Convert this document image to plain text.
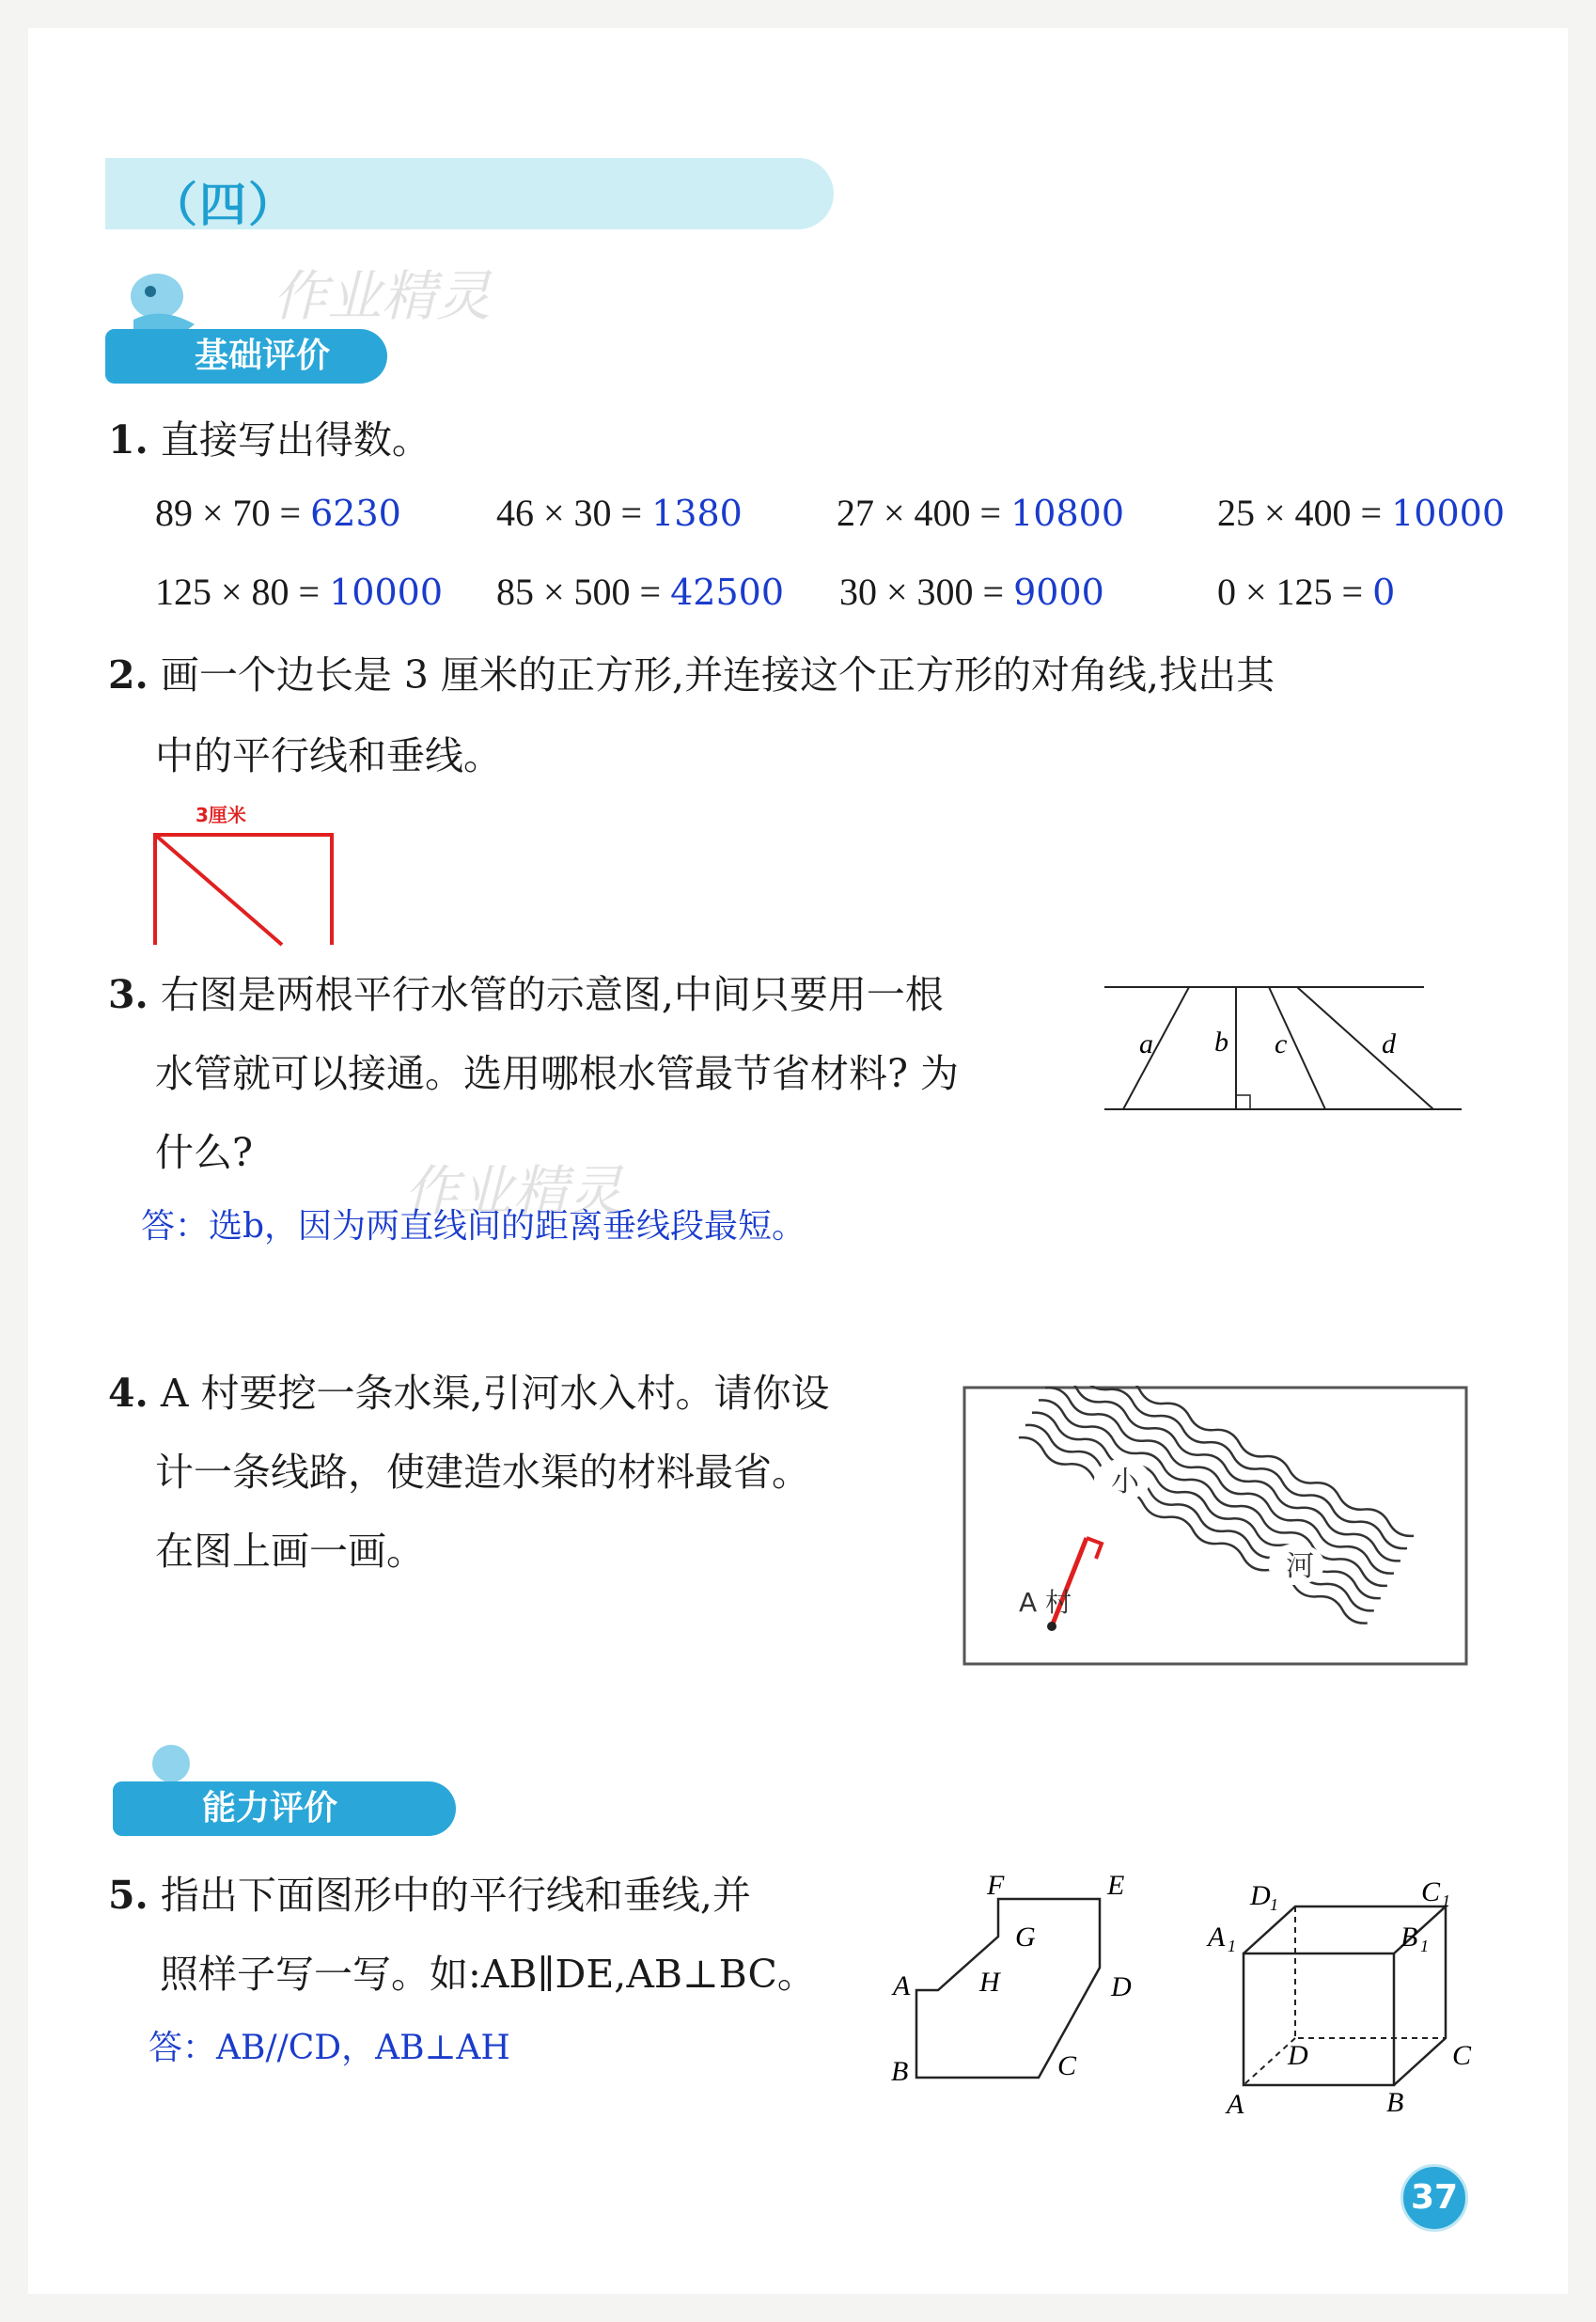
（四）
基础评价
作业精灵
1. 直接写出得数。
89 × 70 = 6230	46 × 30 = 1380	27 × 400 = 10800 25 × 400 = 10000
125 × 80 = 10000 85 × 500 = 42500 30 × 300 = 9000	0 × 125 = 0
2. 画一个边长是 3 厘米的正方形,并连接这个正方形的对角线,找出其
中的平行线和垂线。
3厘米
3. 右图是两根平行水管的示意图,中间只要用一根
水管就可以接通。选用哪根水管最节省材料? 为
什么?
作业精灵
答：选b，因为两直线间的距离垂线段最短。
a b c	d
4. A 村要挖一条水渠,引河水入村。请你设
计一条线路，使建造水渠的材料最省。
在图上画一画。
小
河
A 村
能力评价
5. 指出下面图形中的平行线和垂线,并
照样子写一写。如:AB∥DE,AB⊥BC。
答：AB//CD，AB⊥AH
F	E
G
A H	D
B	C
D 1	C 1
A 1	B 1
D	C
A	B
37
